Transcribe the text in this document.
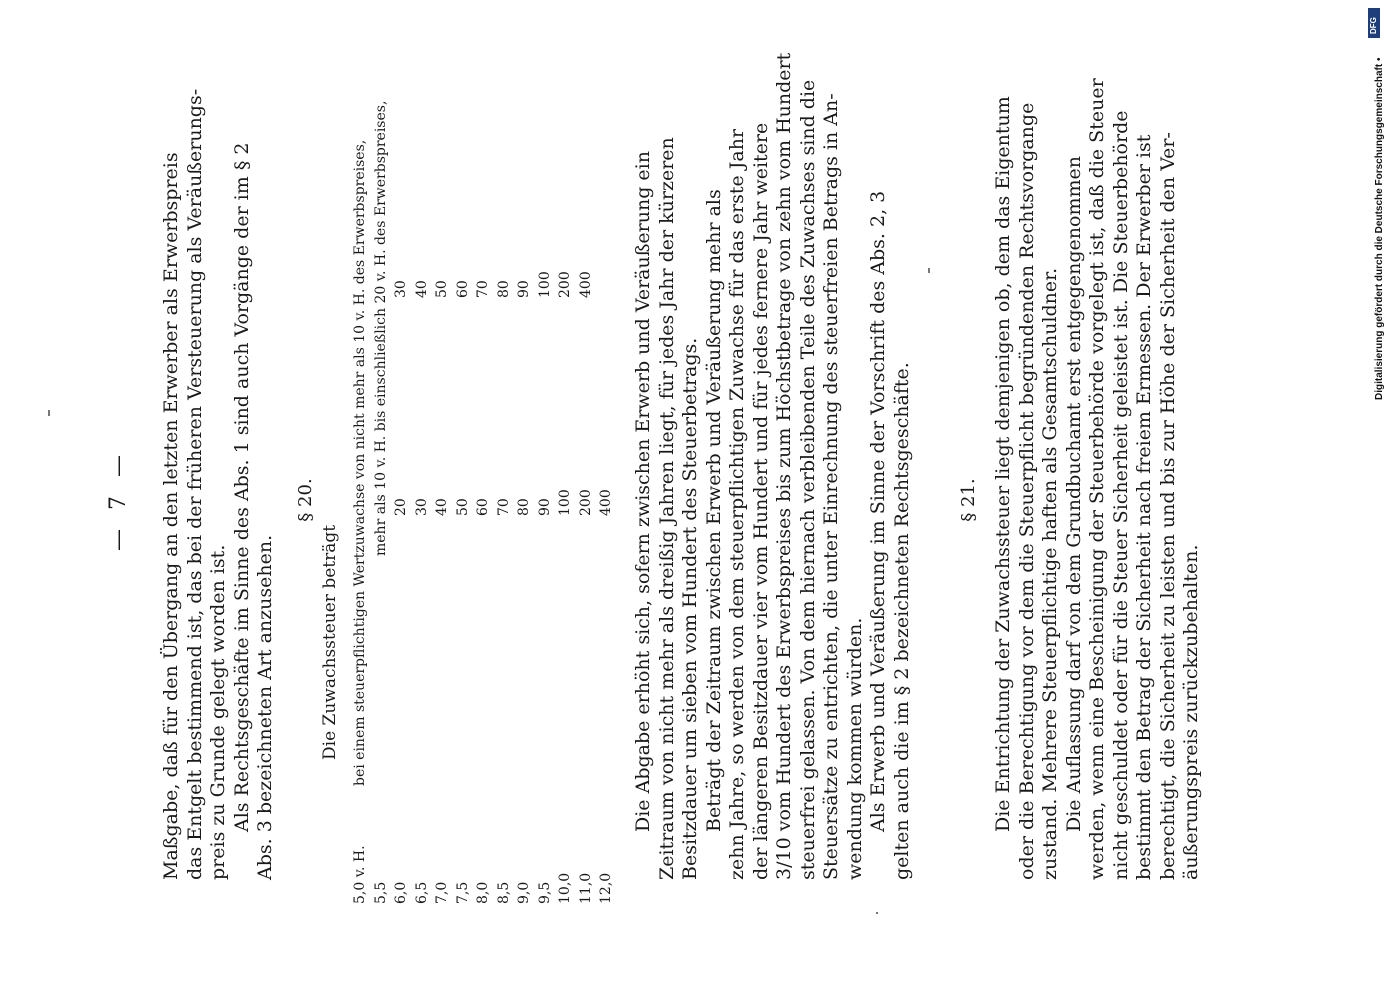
— 7 — Maßgabe, daß für den Übergang an den letzten Erwerber als Erwerbspreis das Entgelt bestimmend ist, das bei der früheren Versteuerung als Veräußerungs- preis zu Grunde gelegt worden ist. Als Rechtsgeschäfte im Sinne des Abs. 1 sind auch Vorgänge der im § 2 Abs. 3 bezeichneten Art anzusehen.

§ 20.
Die Zuwachssteuer beträgt
5,0 v. H.bei einem steuerpflichtigen Wertzuwachse von nicht mehr als 10 v. H. des Erwerbspreises,
5,5mehr als 10 v. H. bis einschließlich 20 v. H. des Erwerbspreises,
6,02030
6,53040
7,04050
7,55060
8,06070
8,57080
9,08090
9,590100
10,0100200
11,0200400
12,0400 Die Abgabe erhöht sich, sofern zwischen Erwerb und Veräußerung ein Zeitraum von nicht mehr als dreißig Jahren liegt, für jedes Jahr der kürzeren Besitzdauer um sieben vom Hundert des Steuerbetrags. Beträgt der Zeitraum zwischen Erwerb und Veräußerung mehr als zehn Jahre, so werden von dem steuerpflichtigen Zuwachse für das erste Jahr der längeren Besitzdauer vier vom Hundert und für jedes fernere Jahr weitere 3/10 vom Hundert des Erwerbspreises bis zum Höchstbetrage von zehn vom Hundert steuerfrei gelassen. Von dem hiernach verbleibenden Teile des Zuwachses sind die Steuersätze zu entrichten, die unter Einrechnung des steuerfreien Betrags in An- wendung kommen würden. Als Erwerb und Veräußerung im Sinne der Vorschrift des Abs. 2, 3 gelten auch die im § 2 bezeichneten Rechtsgeschäfte.	§ 21. Die Entrichtung der Zuwachssteuer liegt demjenigen ob, dem das Eigentum oder die Berechtigung vor dem die Steuerpflicht begründenden Rechtsvorgange zustand. Mehrere Steuerpflichtige haften als Gesamtschuldner. Die Auflassung darf von dem Grundbuchamt erst entgegengenommen werden, wenn eine Bescheinigung der Steuerbehörde vorgelegt ist, daß die Steuer nicht geschuldet oder für die Steuer Sicherheit geleistet ist. Die Steuerbehörde bestimmt den Betrag der Sicherheit nach freiem Ermessen. Der Erwerber ist berechtigt, die Sicherheit zu leisten und bis zur Höhe der Sicherheit den Ver- äußerungspreis zurückzubehalten.

DFG
Digitalisierung gefördert durch die Deutsche Forschungsgemeinschaft •
